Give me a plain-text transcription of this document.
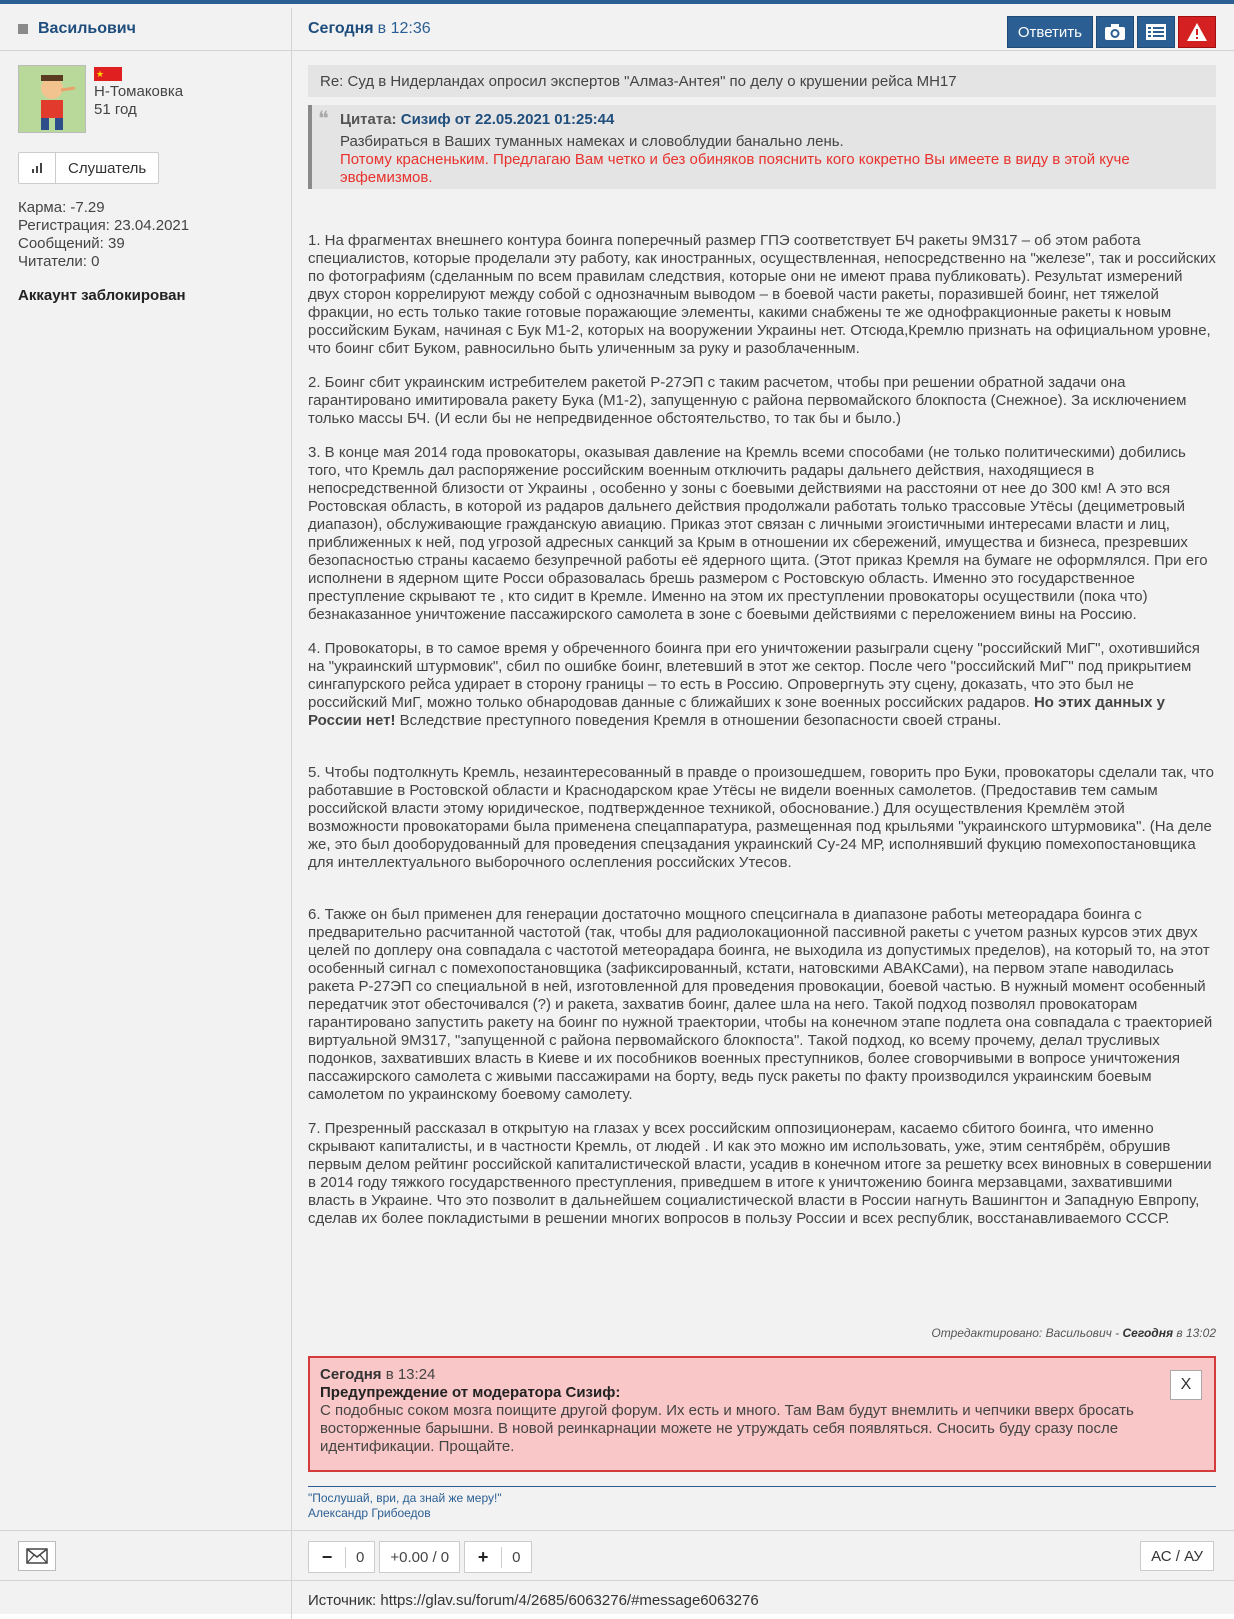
Васильович
★
Н-Томаковка
51 год
Слушатель
Карма: -7.29
Регистрация: 23.04.2021
Сообщений: 39
Читатели: 0
Аккаунт заблокирован
Сегодня в 12:36	Ответить
Re: Суд в Нидерландах опросил экспертов "Алмаз-Антея" по делу о крушении рейса МН17
❝ Цитата: Сизиф от 22.05.2021 01:25:44
Разбираться в Ваших туманных намеках и словоблудии банально лень.
Потому красненьким. Предлагаю Вам четко и без обиняков пояснить кого кокретно Вы имеете в виду в этой куче эвфемизмов.

1. На фрагментах внешнего контура боинга поперечный размер ГПЭ соответствует БЧ ракеты 9М317 – об этом работа специалистов, которые проделали эту работу, как иностранных, осуществленная, непосредственно на "железе", так и российских по фотографиям (сделанным по всем правилам следствия, которые они не имеют права публиковать). Результат измерений двух сторон коррелируют между собой с однозначным выводом – в боевой части ракеты, поразившей боинг, нет тяжелой фракции, но есть только такие готовые поражающие элементы, какими снабжены те же однофракционные ракеты к новым российским Букам, начиная с Бук М1-2, которых на вооружении Украины нет. Отсюда,Кремлю признать на официальном уровне, что боинг сбит Буком, равносильно быть уличенным за руку и разоблаченным.

2. Боинг сбит украинским истребителем ракетой Р-27ЭП с таким расчетом, чтобы при решении обратной задачи она гарантировано имитировала ракету Бука (М1-2), запущенную с района первомайского блокпоста (Снежное). За исключением только массы БЧ. (И если бы не непредвиденное обстоятельство, то так бы и было.)

3. В конце мая 2014 года провокаторы, оказывая давление на Кремль всеми способами (не только политическими) добились того, что Кремль дал распоряжение российским военным отключить радары дальнего действия, находящиеся в непосредственной близости от Украины , особенно у зоны с боевыми действиями на расстояни от нее до 300 км! А это вся Ростовская область, в которой из радаров дальнего действия продолжали работать только трассовые Утёсы (дециметровый диапазон), обслуживающие гражданскую авиацию. Приказ этот связан с личными эгоистичными интересами власти и лиц, приближенных к ней, под угрозой адресных санкций за Крым в отношении их сбережений, имущества и бизнеса, презревших безопасностью страны касаемо безупречной работы её ядерного щита. (Этот приказ Кремля на бумаге не оформлялся. При его исполнени в ядерном щите Росси образовалась брешь размером с Ростовскую область. Именно это государственное преступление скрывают те , кто сидит в Кремле. Именно на этом их преступлении провокаторы осуществили (пока что) безнаказанное уничтожение пассажирского самолета в зоне с боевыми действиями с переложением вины на Россию.

4. Провокаторы, в то самое время у обреченного боинга при его уничтожении разыграли сцену "российский МиГ", охотившийся на "украинский штурмовик", сбил по ошибке боинг, влетевший в этот же сектор. После чего "российский МиГ" под прикрытием сингапурского рейса удирает в сторону границы – то есть в Россию. Опровергнуть эту сцену, доказать, что это был не российский МиГ, можно только обнародовав данные с ближайших к зоне военных российских радаров. Но этих данных у России нет! Вследствие преступного поведения Кремля в отношении безопасности своей страны.

5. Чтобы подтолкнуть Кремль, незаинтересованный в правде о произошедшем, говорить про Буки, провокаторы сделали так, что работавшие в Ростовской области и Краснодарском крае Утёсы не видели военных самолетов. (Предоставив тем самым российской власти этому юридическое, подтвержденное техникой, обоснование.) Для осуществления Кремлём этой возможности провокаторами была применена спецаппаратура, размещенная под крыльями "украинского штурмовика". (На деле же, это был дооборудованный для проведения спецзадания украинский Су-24 МР, исполнявший фукцию помехопостановщика для интеллектуального выборочного ослепления российских Утесов.

6. Также он был применен для генерации достаточно мощного спецсигнала в диапазоне работы метеорадара боинга с предварительно расчитанной частотой (так, чтобы для радиолокационной пассивной ракеты с учетом разных курсов этих двух целей по доплеру она совпадала с частотой метеорадара боинга, не выходила из допустимых пределов), на который то, на этот особенный сигнал с помехопостановщика (зафиксированный, кстати, натовскими АВАКСами), на первом этапе наводилась ракета Р-27ЭП со специальной в ней, изготовленной для проведения провокации, боевой частью. В нужный момент особенный передатчик этот обесточивался (?) и ракета, захватив боинг, далее шла на него. Такой подход позволял провокаторам гарантировано запустить ракету на боинг по нужной траектории, чтобы на конечном этапе подлета она совпадала с траекторией виртуальной 9М317, "запущенной с района первомайского блокпоста". Такой подход, ко всему прочему, делал трусливых подонков, захвативших власть в Киеве и их пособников военных преступников, более сговорчивыми в вопросе уничтожения пассажирского самолета с живыми пассажирами на борту, ведь пуск ракеты по факту производился украинским боевым самолетом по украинскому боевому самолету.

7. Презренный рассказал в открытую на глазах у всех российским оппозиционерам, касаемо сбитого боинга, что именно скрывают капиталисты, и в частности Кремль, от людей . И как это можно им использовать, уже, этим сентябрём, обрушив первым делом рейтинг российской капиталистической власти, усадив в конечном итоге за решетку всех виновных в совершении в 2014 году тяжкого государственного преступления, приведшем в итоге к уничтожению боинга мерзавцами, захватившими власть в Украине. Что это позволит в дальнейшем социалистической власти в России нагнуть Вашингтон и Западную Евпропу, сделав их более покладистыми в решении многих вопросов в пользу России и всех республик, восстанавливаемого СССР.

Отредактировано: Васильович - Сегодня в 13:02
Сегодня в 13:24
Предупреждение от модератора Сизиф:
С подобныс соком мозга поищите другой форум. Их есть и много. Там Вам будут внемлить и чепчики вверх бросать восторженные барышни. В новой реинкарнации можете не утруждать себя появляться. Сносить буду сразу после идентификации. Прощайте.
X
"Послушай, ври, да знай же меру!"
Александр Грибоедов
−	0	+0.00 / 0	+	0	АС / АУ
Источник: https://glav.su/forum/4/2685/6063276/#message6063276
